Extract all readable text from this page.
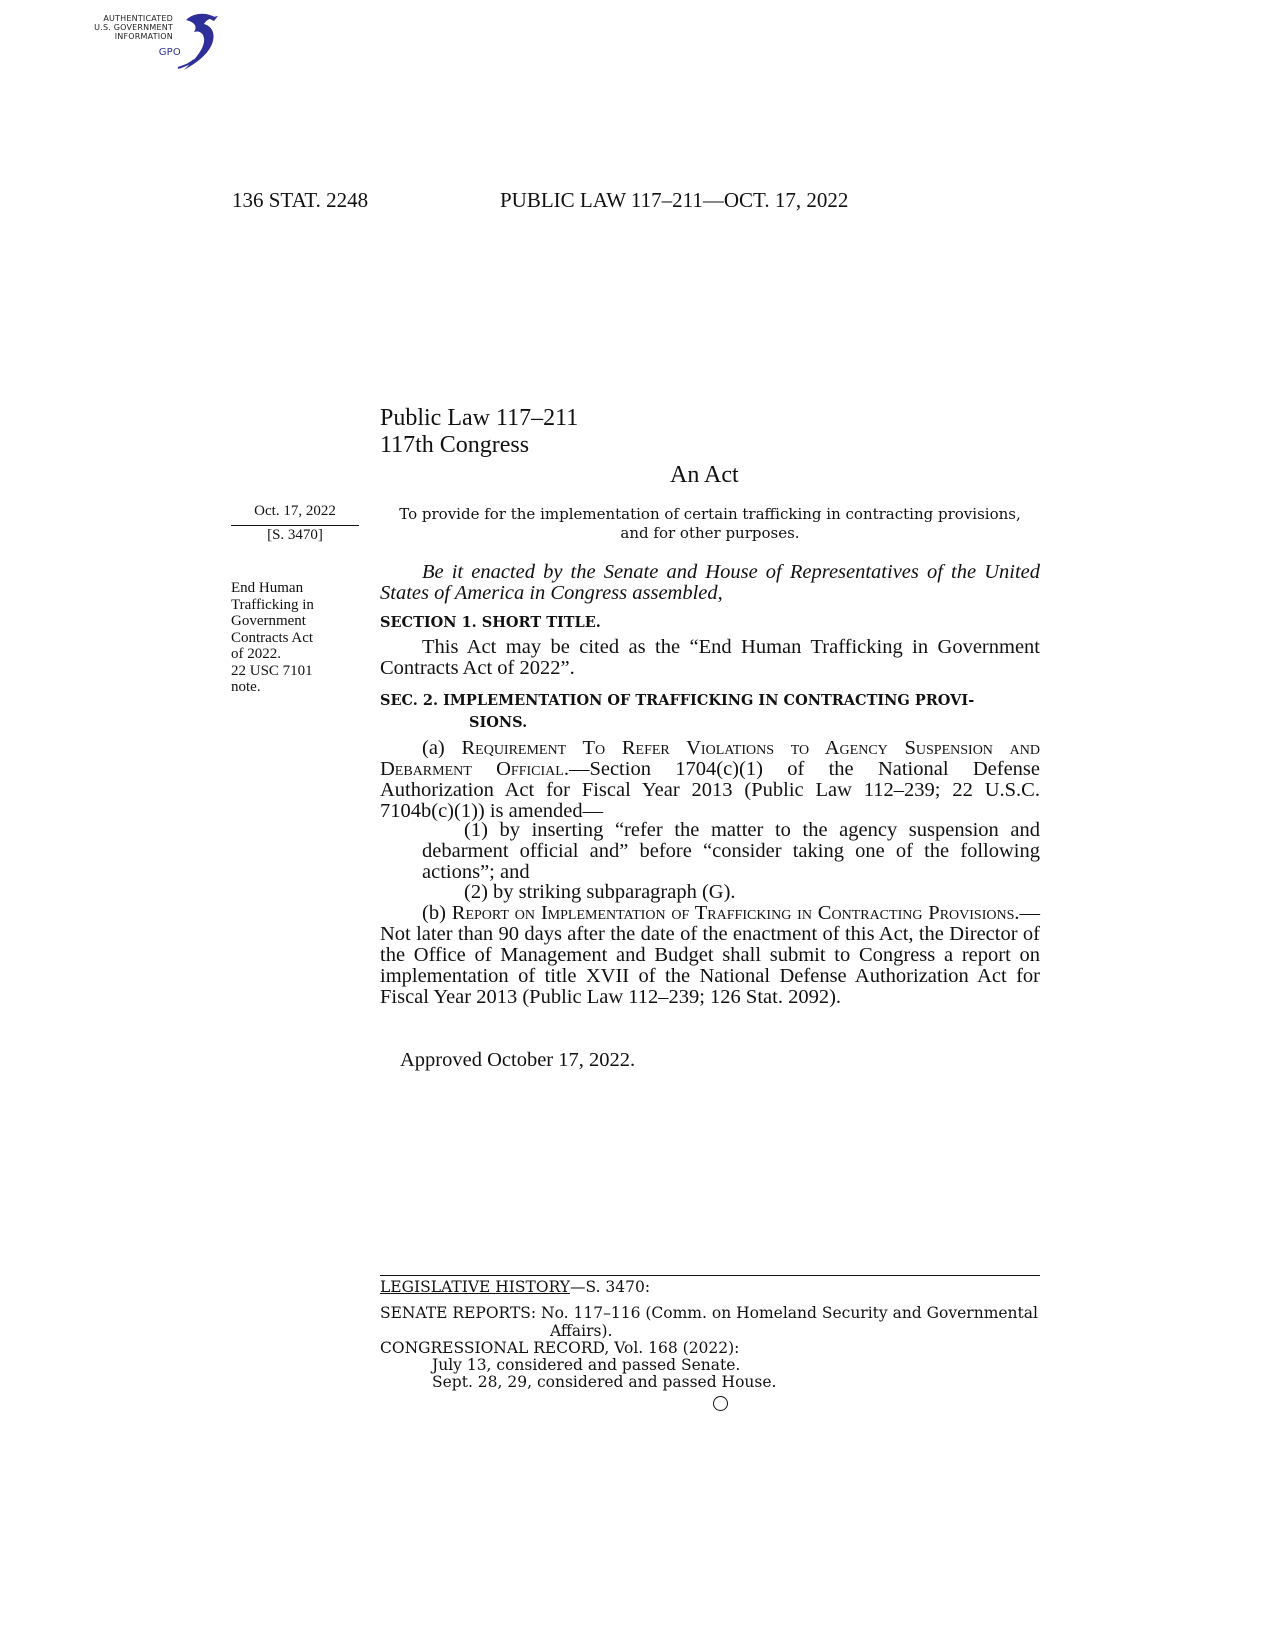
AUTHENTICATED
U.S. GOVERNMENT
INFORMATION
GPO
136 STAT. 2248	PUBLIC LAW 117–211—OCT. 17, 2022
Public Law 117–211
117th Congress
An Act
Oct. 17, 2022
[S. 3470]
End Human
Trafficking in
Government
Contracts Act
of 2022.
22 USC 7101
note.
To provide for the implementation of certain trafficking in contracting provisions,
and for other purposes.
Be it enacted by the Senate and House of Representatives of the United States of America in Congress assembled,
SECTION 1. SHORT TITLE.
This Act may be cited as the “End Human Trafficking in Government Contracts Act of 2022”.
SEC. 2. IMPLEMENTATION OF TRAFFICKING IN CONTRACTING PROVI-
SIONS.
(a) Requirement To Refer Violations to Agency Suspension and Debarment Official.—Section 1704(c)(1) of the National Defense Authorization Act for Fiscal Year 2013 (Public Law 112–239; 22 U.S.C. 7104b(c)(1)) is amended—
(1) by inserting “refer the matter to the agency suspension and debarment official and” before “consider taking one of the following actions”; and
(2) by striking subparagraph (G).
(b) Report on Implementation of Trafficking in Contracting Provisions.—Not later than 90 days after the date of the enactment of this Act, the Director of the Office of Management and Budget shall submit to Congress a report on implementation of title XVII of the National Defense Authorization Act for Fiscal Year 2013 (Public Law 112–239; 126 Stat. 2092).
Approved October 17, 2022.
LEGISLATIVE HISTORY—S. 3470:
SENATE REPORTS: No. 117–116 (Comm. on Homeland Security and Governmental
Affairs).
CONGRESSIONAL RECORD, Vol. 168 (2022):
July 13, considered and passed Senate.
Sept. 28, 29, considered and passed House.
